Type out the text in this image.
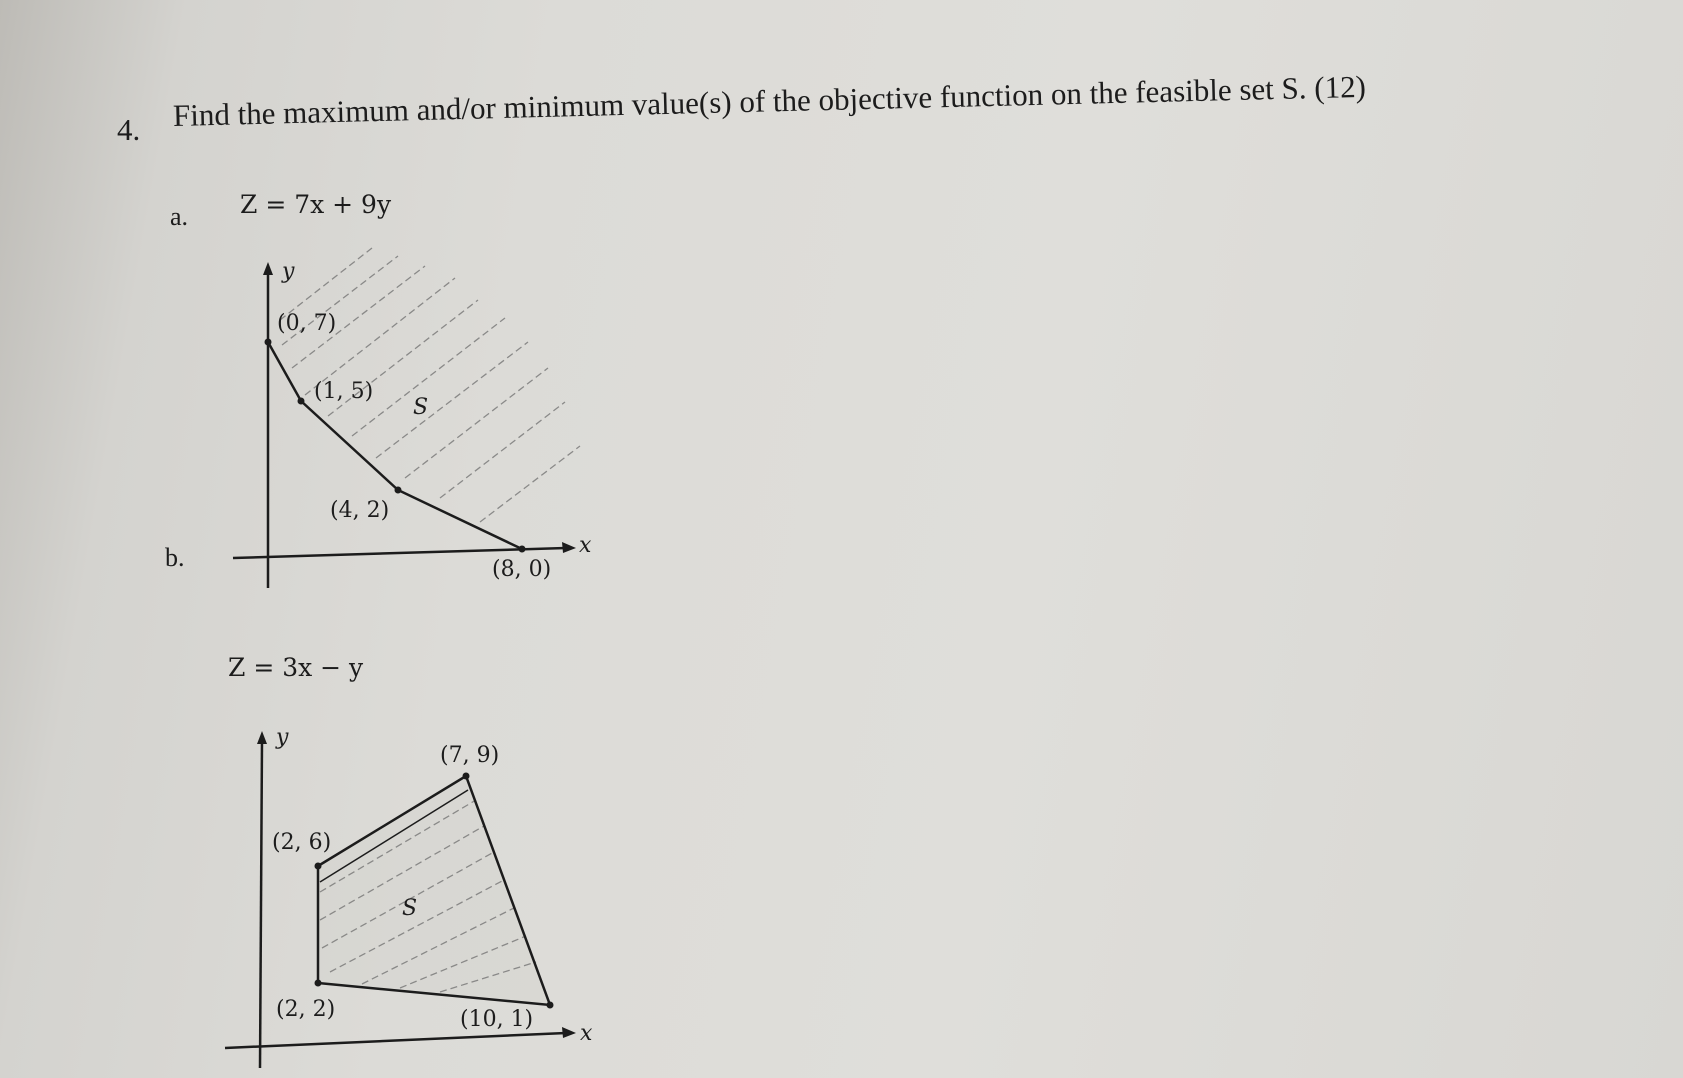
4. Find the maximum and/or minimum value(s) of the objective function on the feasible set S. (12)
a. Z = 7x + 9y
b.
Z = 3x − y
y
x
(0, 7)
(1, 5)
(4, 2)
(8, 0)
S
y
x
(7, 9)
(2, 6)
(2, 2)	(10, 1)
S
